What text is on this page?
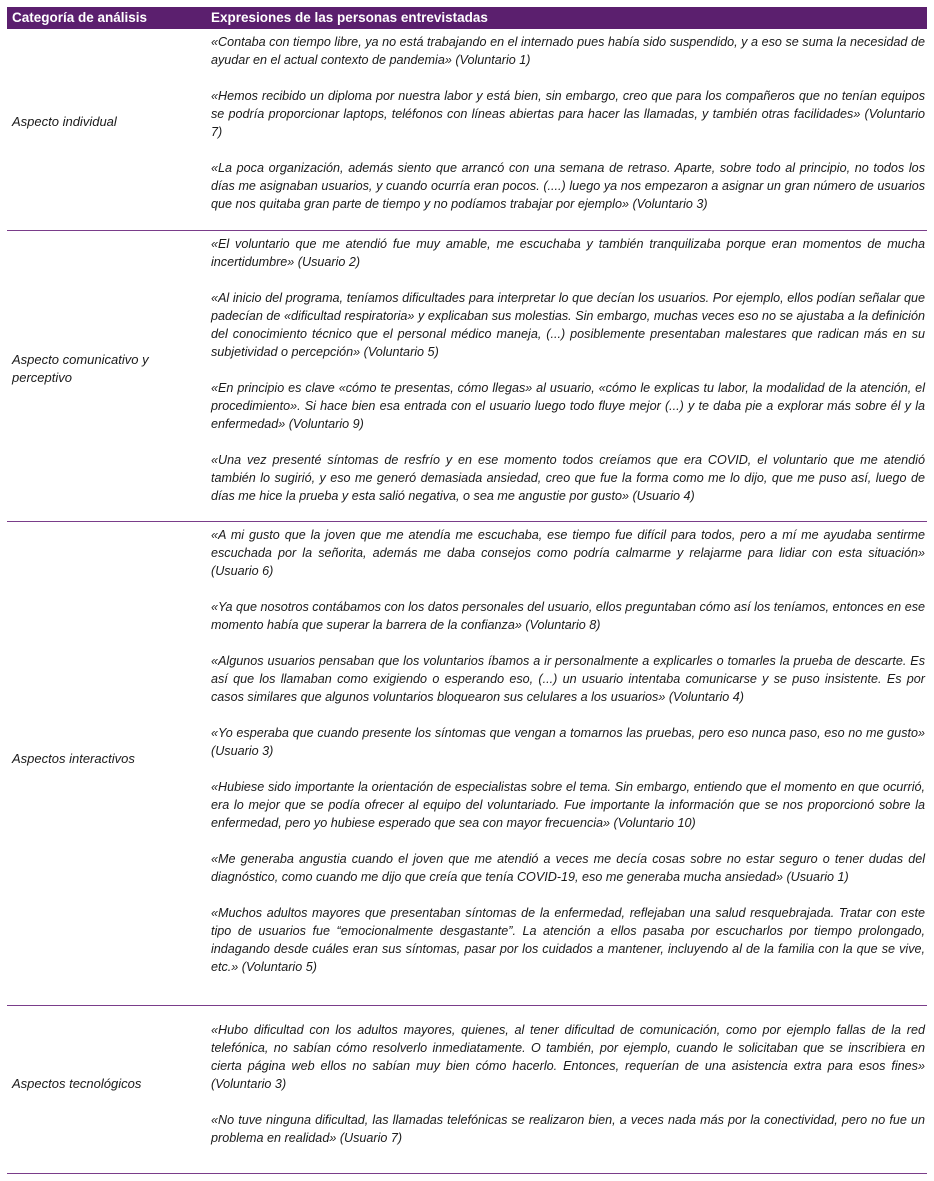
Categoría de análisis	Expresiones de las personas entrevistadas
Aspecto individual

«Contaba con tiempo libre, ya no está trabajando en el internado pues había sido suspendido, y a eso se suma la necesidad de ayudar en el actual contexto de pandemia» (Voluntario 1)

«Hemos recibido un diploma por nuestra labor y está bien, sin embargo, creo que para los compañeros que no tenían equipos se podría proporcionar laptops, teléfonos con líneas abiertas para hacer las llamadas, y también otras facilidades» (Voluntario 7)

«La poca organización, además siento que arrancó con una semana de retraso. Aparte, sobre todo al principio, no todos los días me asignaban usuarios, y cuando ocurría eran pocos. (....) luego ya nos empezaron a asignar un gran número de usuarios que nos quitaba gran parte de tiempo y no podíamos trabajar por ejemplo» (Voluntario 3)

Aspecto comunicativo y perceptivo

«El voluntario que me atendió fue muy amable, me escuchaba y también tranquilizaba porque eran momentos de mucha incertidumbre» (Usuario 2)

«Al inicio del programa, teníamos dificultades para interpretar lo que decían los usuarios. Por ejemplo, ellos podían señalar que padecían de «dificultad respiratoria» y explicaban sus molestias. Sin embargo, muchas veces eso no se ajustaba a la definición del conocimiento técnico que el personal médico maneja, (...) posiblemente presentaban malestares que radican más en su subjetividad o percepción» (Voluntario 5)

«En principio es clave «cómo te presentas, cómo llegas» al usuario, «cómo le explicas tu labor, la modalidad de la atención, el procedimiento». Si hace bien esa entrada con el usuario luego todo fluye mejor (...) y te daba pie a explorar más sobre él y la enfermedad» (Voluntario 9)

«Una vez presenté síntomas de resfrío y en ese momento todos creíamos que era COVID, el voluntario que me atendió también lo sugirió, y eso me generó demasiada ansiedad, creo que fue la forma como me lo dijo, que me puso así, luego de días me hice la prueba y esta salió negativa, o sea me angustie por gusto» (Usuario 4)

Aspectos interactivos

«A mi gusto que la joven que me atendía me escuchaba, ese tiempo fue difícil para todos, pero a mí me ayudaba sentirme escuchada por la señorita, además me daba consejos como podría calmarme y relajarme para lidiar con esta situación» (Usuario 6)

«Ya que nosotros contábamos con los datos personales del usuario, ellos preguntaban cómo así los teníamos, entonces en ese momento había que superar la barrera de la confianza» (Voluntario 8)

«Algunos usuarios pensaban que los voluntarios íbamos a ir personalmente a explicarles o tomarles la prueba de descarte. Es así que los llamaban como exigiendo o esperando eso, (...) un usuario intentaba comunicarse y se puso insistente. Es por casos similares que algunos voluntarios bloquearon sus celulares a los usuarios» (Voluntario 4)

«Yo esperaba que cuando presente los síntomas que vengan a tomarnos las pruebas, pero eso nunca paso, eso no me gusto» (Usuario 3)

«Hubiese sido importante la orientación de especialistas sobre el tema. Sin embargo, entiendo que el momento en que ocurrió, era lo mejor que se podía ofrecer al equipo del voluntariado. Fue importante la información que se nos proporcionó sobre la enfermedad, pero yo hubiese esperado que sea con mayor frecuencia» (Voluntario 10)

«Me generaba angustia cuando el joven que me atendió a veces me decía cosas sobre no estar seguro o tener dudas del diagnóstico, como cuando me dijo que creía que tenía COVID-19, eso me generaba mucha ansiedad» (Usuario 1)

«Muchos adultos mayores que presentaban síntomas de la enfermedad, reflejaban una salud resquebrajada. Tratar con este tipo de usuarios fue “emocionalmente desgastante”. La atención a ellos pasaba por escucharlos por tiempo prolongado, indagando desde cuáles eran sus síntomas, pasar por los cuidados a mantener, incluyendo al de la familia con la que se vive, etc.» (Voluntario 5)

Aspectos tecnológicos

«Hubo dificultad con los adultos mayores, quienes, al tener dificultad de comunicación, como por ejemplo fallas de la red telefónica, no sabían cómo resolverlo inmediatamente. O también, por ejemplo, cuando le solicitaban que se inscribiera en cierta página web ellos no sabían muy bien cómo hacerlo. Entonces, requerían de una asistencia extra para esos fines» (Voluntario 3)

«No tuve ninguna dificultad, las llamadas telefónicas se realizaron bien, a veces nada más por la conectividad, pero no fue un problema en realidad» (Usuario 7)
